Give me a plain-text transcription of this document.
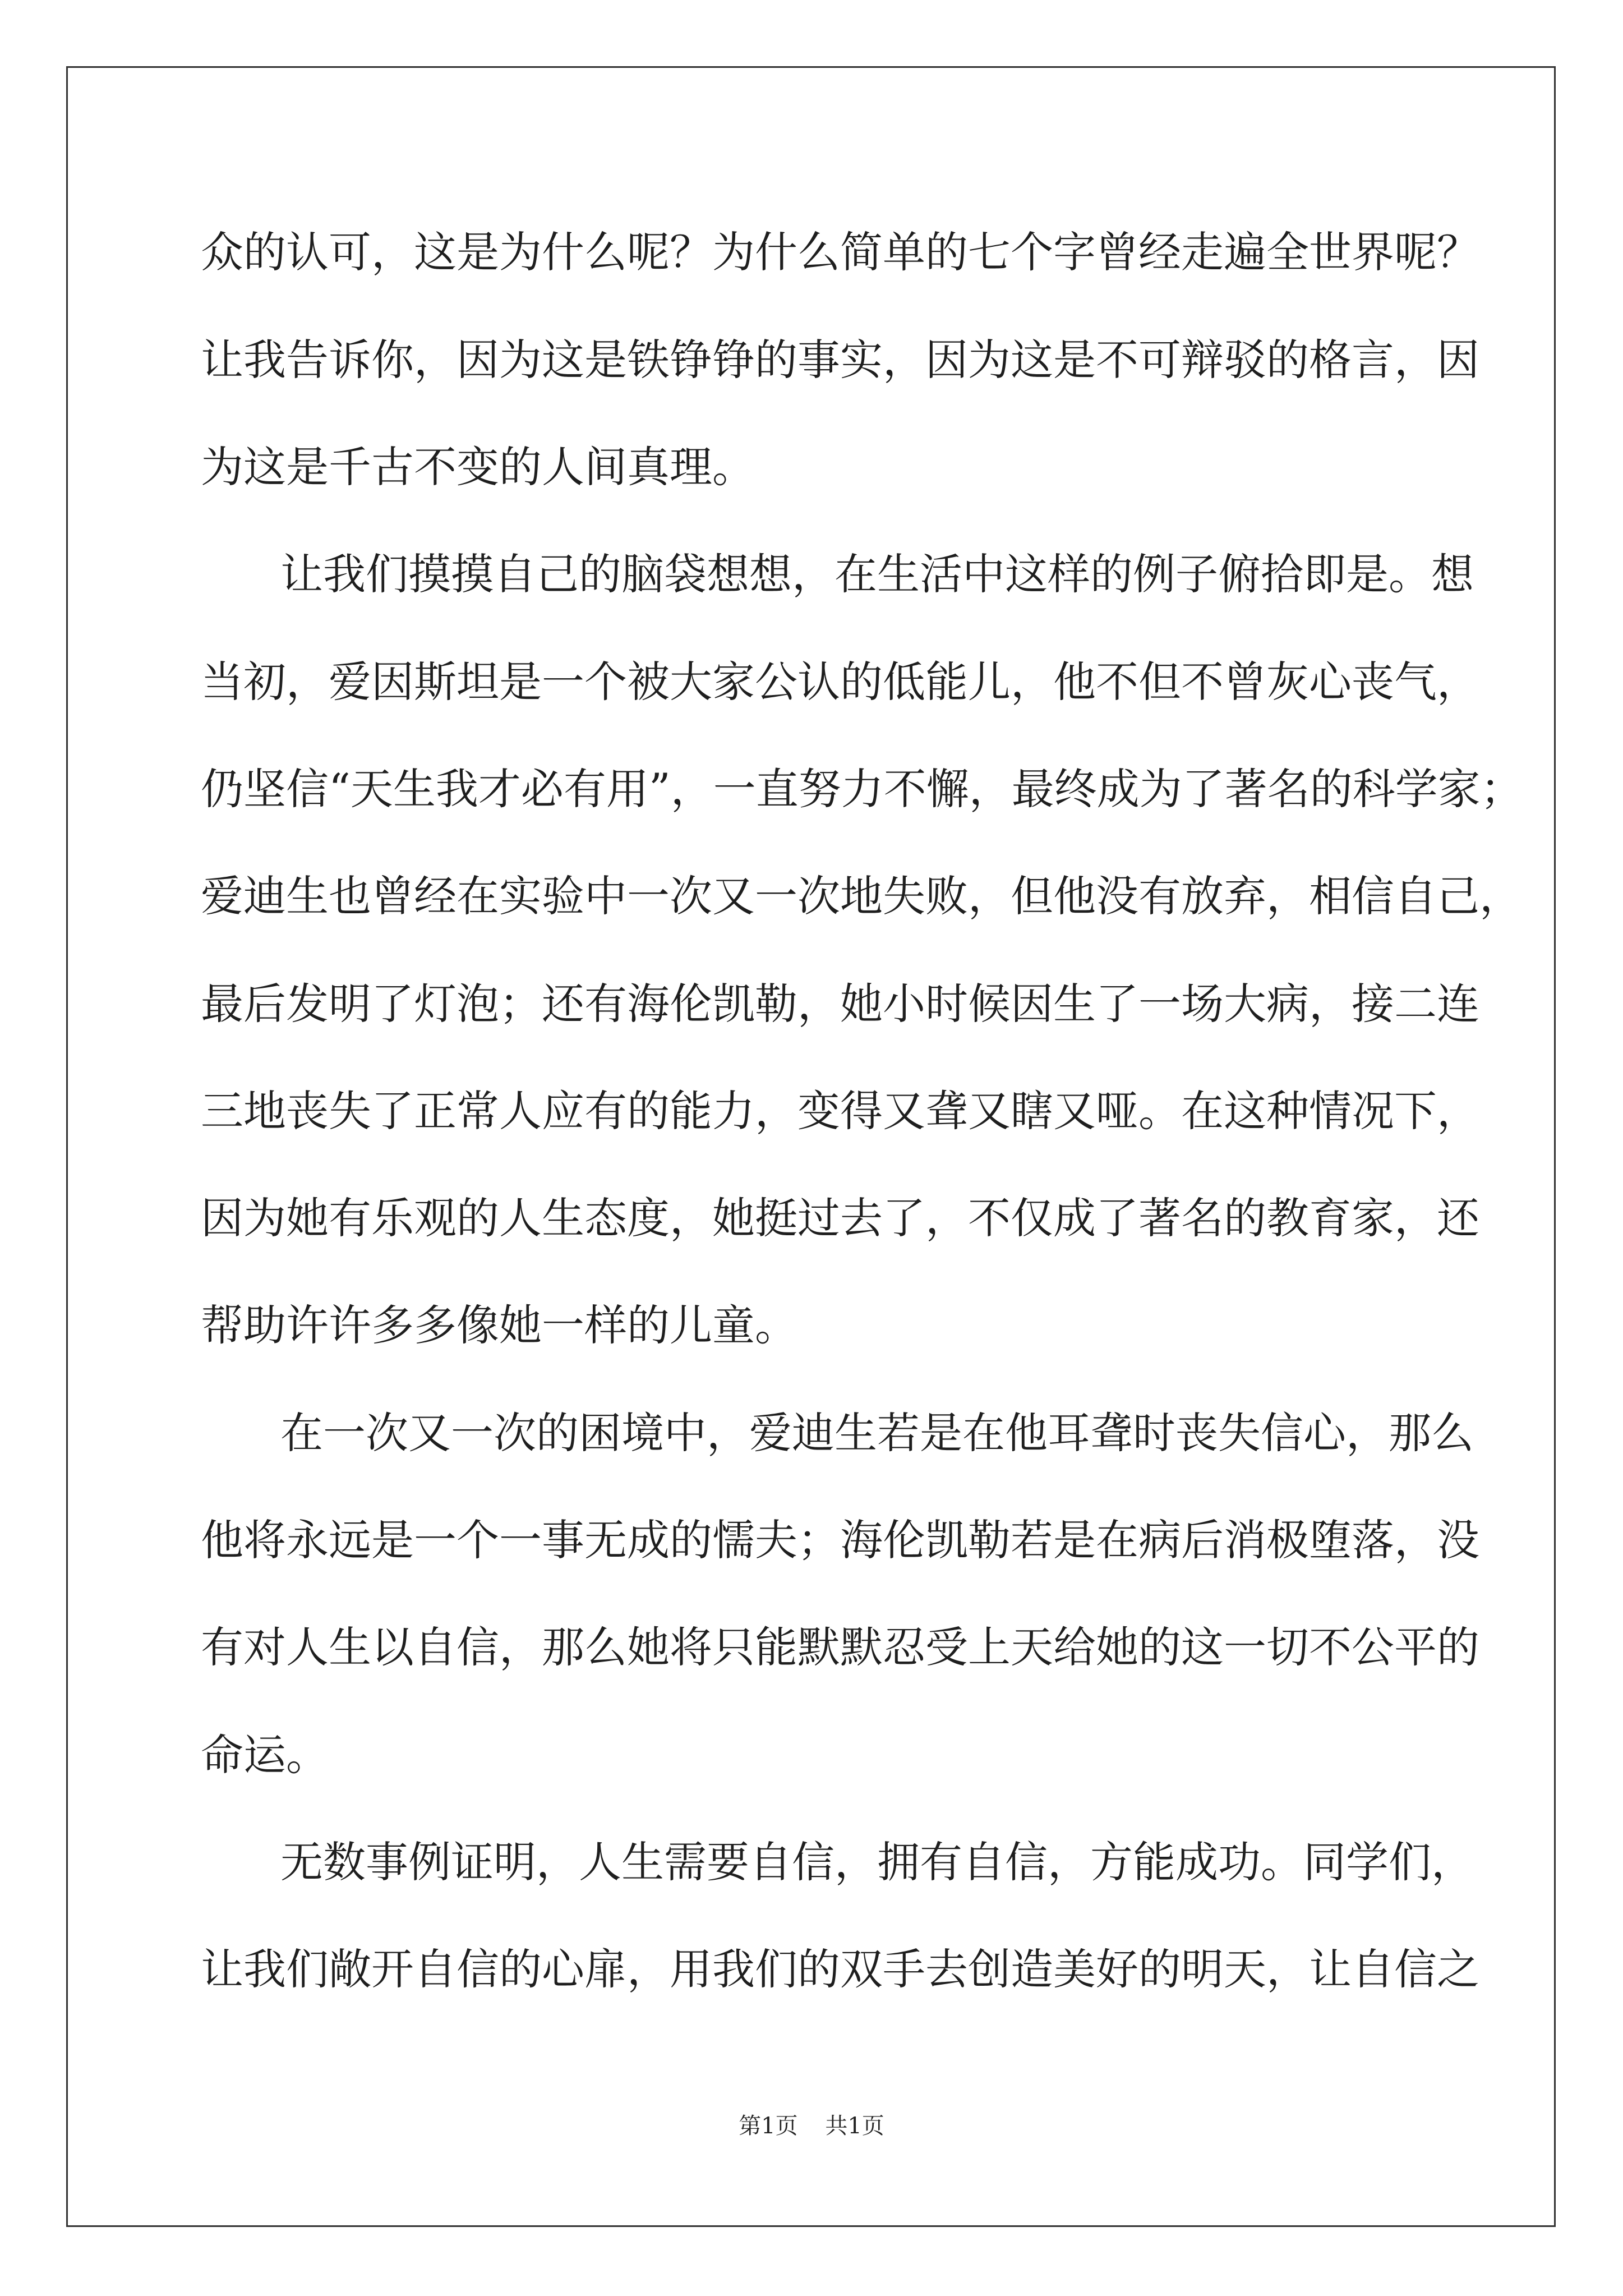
众的认可，这是为什么呢？为什么简单的七个字曾经走遍全世界呢？
让我告诉你，因为这是铁铮铮的事实，因为这是不可辩驳的格言，因
为这是千古不变的人间真理。
让我们摸摸自己的脑袋想想，在生活中这样的例子俯拾即是。想
当初，爱因斯坦是一个被大家公认的低能儿，他不但不曾灰心丧气，
仍坚信“天生我才必有用”，一直努力不懈，最终成为了著名的科学家；
爱迪生也曾经在实验中一次又一次地失败，但他没有放弃，相信自己，
最后发明了灯泡；还有海伦凯勒，她小时候因生了一场大病，接二连
三地丧失了正常人应有的能力，变得又聋又瞎又哑。在这种情况下，
因为她有乐观的人生态度，她挺过去了，不仅成了著名的教育家，还
帮助许许多多像她一样的儿童。
在一次又一次的困境中，爱迪生若是在他耳聋时丧失信心，那么
他将永远是一个一事无成的懦夫；海伦凯勒若是在病后消极堕落，没
有对人生以自信，那么她将只能默默忍受上天给她的这一切不公平的
命运。
无数事例证明，人生需要自信，拥有自信，方能成功。同学们，
让我们敞开自信的心扉，用我们的双手去创造美好的明天，让自信之
第1页 共1页
